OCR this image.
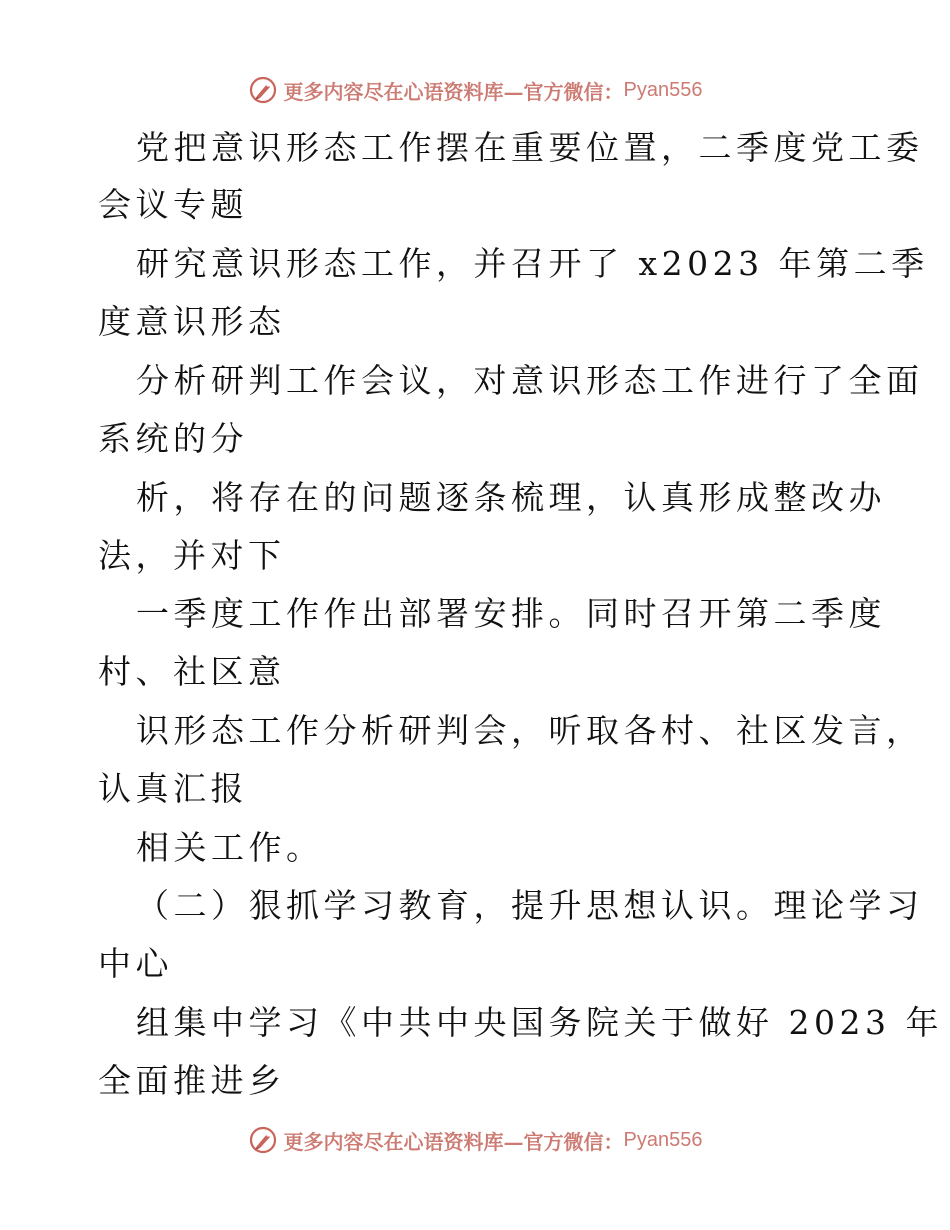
更多内容尽在心语资料库—官方微信： Pyan556
党把意识形态工作摆在重要位置，二季度党工委
会议专题
研究意识形态工作，并召开了 x2023 年第二季
度意识形态
分析研判工作会议，对意识形态工作进行了全面
系统的分
析，将存在的问题逐条梳理，认真形成整改办
法，并对下
一季度工作作出部署安排。同时召开第二季度
村、社区意
识形态工作分析研判会，听取各村、社区发言，
认真汇报
相关工作。
（二）狠抓学习教育，提升思想认识。理论学习
中心
组集中学习《中共中央国务院关于做好 2023 年
全面推进乡
更多内容尽在心语资料库—官方微信： Pyan556
